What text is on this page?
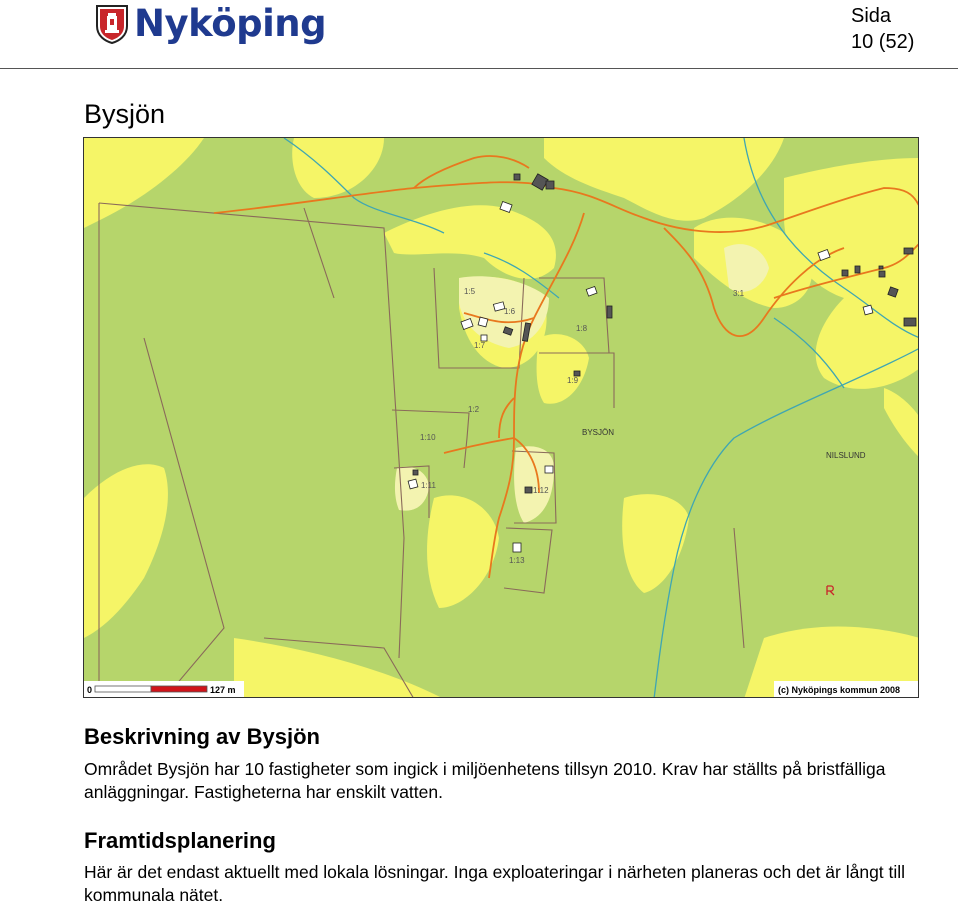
Nyköping	Sida
10 (52)
Bysjön
1:5
1:6
1:7
1:8
1:9
1:2
1:10
1:11
1:12
1:13
3:1
BYSJÖN
NILSLUND
0	127 m	(c) Nyköpings kommun 2008
Beskrivning av Bysjön

Området Bysjön har 10 fastigheter som ingick i miljöenhetens tillsyn 2010. Krav har ställts på bristfälliga anläggningar. Fastigheterna har enskilt vatten.

Framtidsplanering

Här är det endast aktuellt med lokala lösningar. Inga exploateringar i närheten planeras och det är långt till kommunala nätet.
